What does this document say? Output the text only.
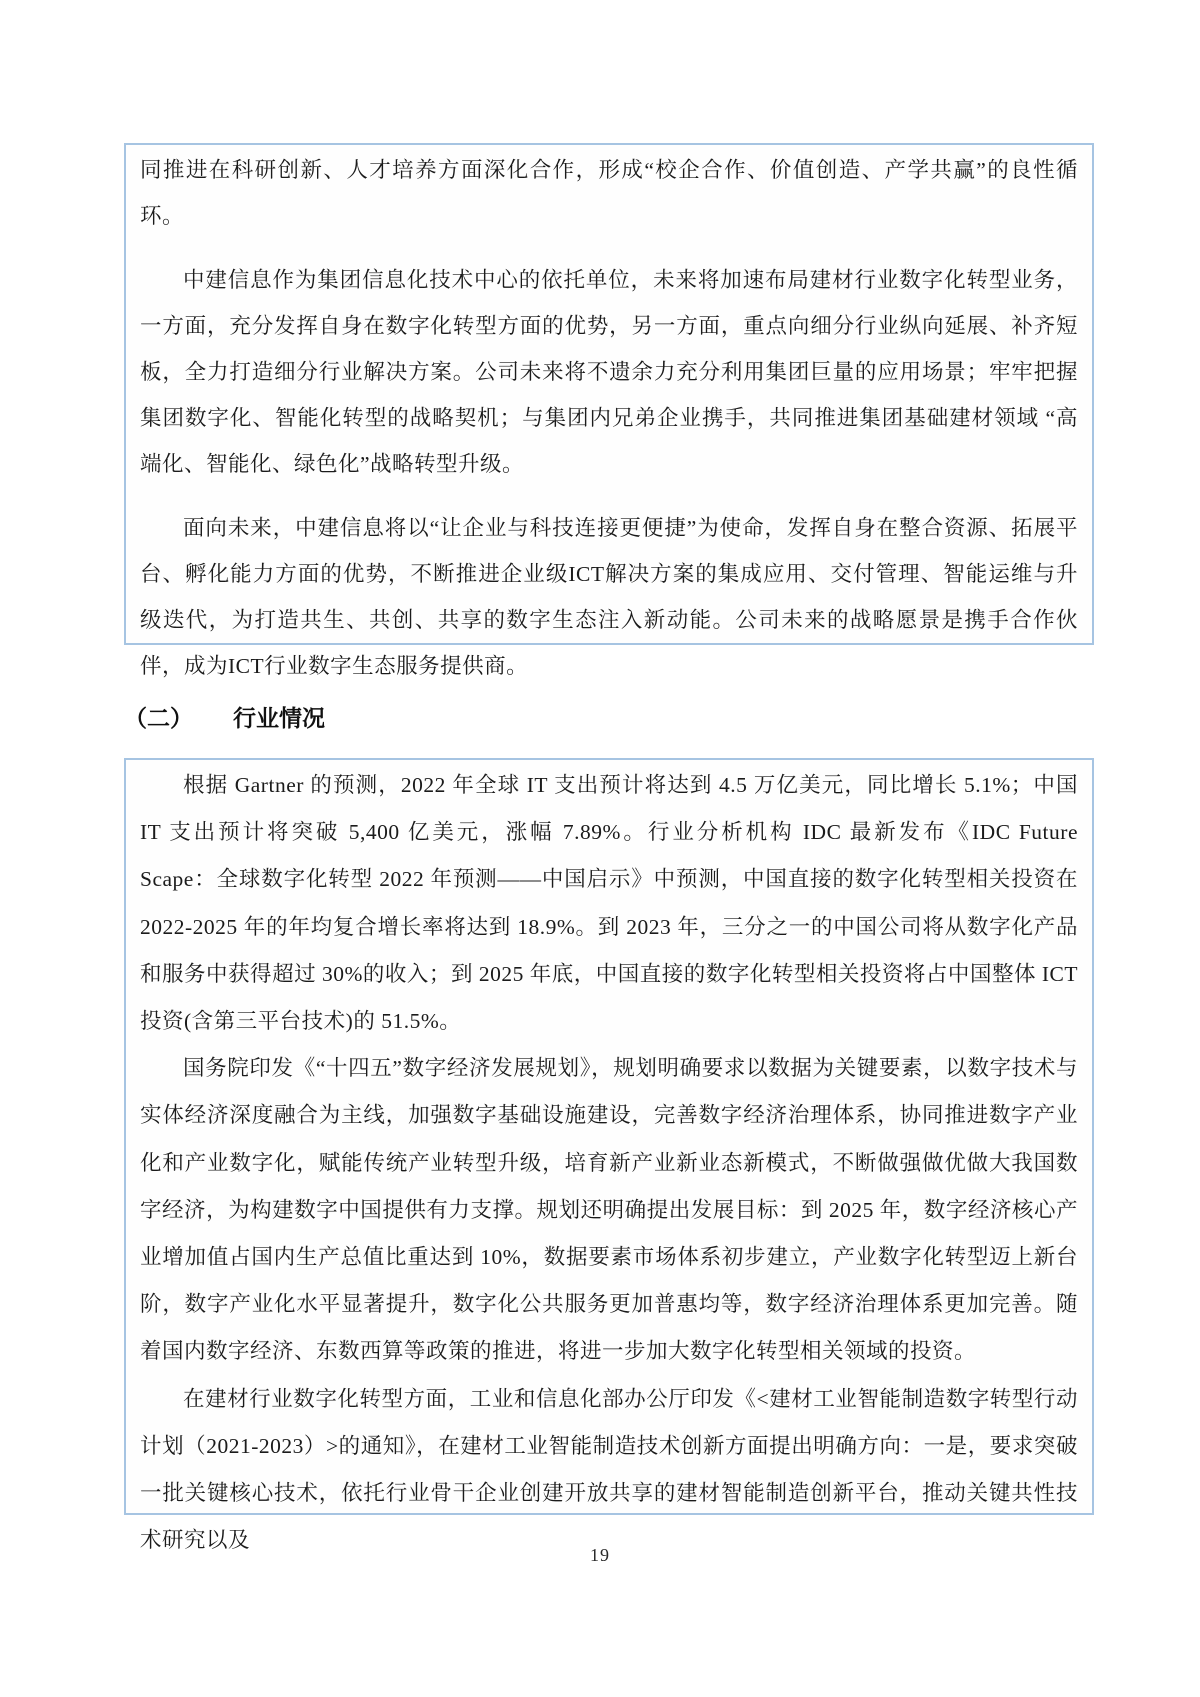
同推进在科研创新、人才培养方面深化合作，形成“校企合作、价值创造、产学共赢”的良性循环。

中建信息作为集团信息化技术中心的依托单位，未来将加速布局建材行业数字化转型业务，一方面，充分发挥自身在数字化转型方面的优势，另一方面，重点向细分行业纵向延展、补齐短板，全力打造细分行业解决方案。公司未来将不遗余力充分利用集团巨量的应用场景；牢牢把握集团数字化、智能化转型的战略契机；与集团内兄弟企业携手，共同推进集团基础建材领域 “高端化、智能化、绿色化”战略转型升级。

面向未来，中建信息将以“让企业与科技连接更便捷”为使命，发挥自身在整合资源、拓展平台、孵化能力方面的优势，不断推进企业级ICT解决方案的集成应用、交付管理、智能运维与升级迭代，为打造共生、共创、共享的数字生态注入新动能。公司未来的战略愿景是携手合作伙伴，成为ICT行业数字生态服务提供商。

（二） 行业情况

根据 Gartner 的预测，2022 年全球 IT 支出预计将达到 4.5 万亿美元，同比增长 5.1%；中国 IT 支出预计将突破 5,400 亿美元，涨幅 7.89%。行业分析机构 IDC 最新发布《IDC Future Scape：全球数字化转型 2022 年预测——中国启示》中预测，中国直接的数字化转型相关投资在 2022-2025 年的年均复合增长率将达到 18.9%。到 2023 年，三分之一的中国公司将从数字化产品和服务中获得超过 30%的收入；到 2025 年底，中国直接的数字化转型相关投资将占中国整体 ICT 投资(含第三平台技术)的 51.5%。

国务院印发《“十四五”数字经济发展规划》，规划明确要求以数据为关键要素，以数字技术与实体经济深度融合为主线，加强数字基础设施建设，完善数字经济治理体系，协同推进数字产业化和产业数字化，赋能传统产业转型升级，培育新产业新业态新模式，不断做强做优做大我国数字经济，为构建数字中国提供有力支撑。规划还明确提出发展目标：到 2025 年，数字经济核心产业增加值占国内生产总值比重达到 10%，数据要素市场体系初步建立，产业数字化转型迈上新台阶，数字产业化水平显著提升，数字化公共服务更加普惠均等，数字经济治理体系更加完善。随着国内数字经济、东数西算等政策的推进，将进一步加大数字化转型相关领域的投资。

在建材行业数字化转型方面，工业和信息化部办公厅印发《<建材工业智能制造数字转型行动计划（2021-2023）>的通知》，在建材工业智能制造技术创新方面提出明确方向：一是，要求突破一批关键核心技术，依托行业骨干企业创建开放共享的建材智能制造创新平台，推动关键共性技术研究以及

19
